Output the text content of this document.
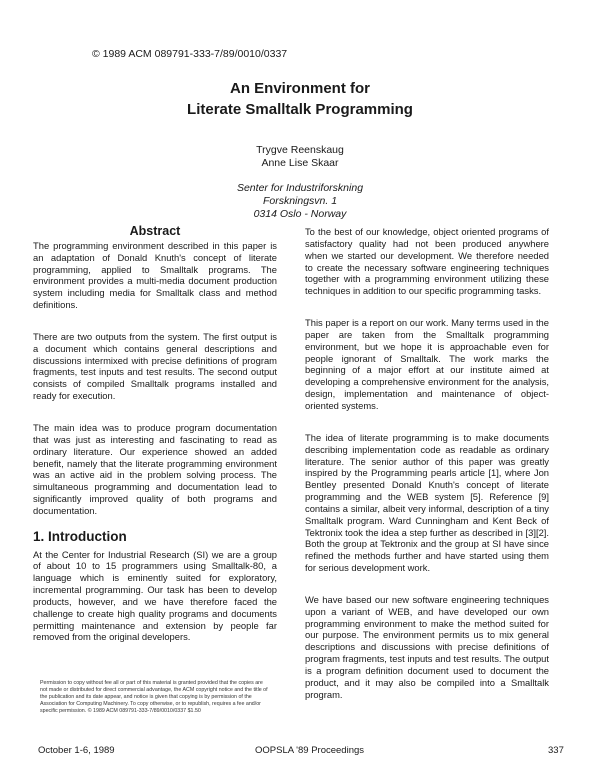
© 1989 ACM 089791-333-7/89/0010/0337
An Environment for
Literate Smalltalk Programming
Trygve Reenskaug
Anne Lise Skaar
Senter for Industriforskning
Forskningsvn. 1
0314 Oslo - Norway
Abstract

The programming environment described in this paper is an adaptation of Donald Knuth's concept of literate programming, applied to Smalltalk programs. The environment provides a multi-media document production system including media for Smalltalk class and method definitions.

There are two outputs from the system. The first output is a document which contains general descriptions and discussions intermixed with precise definitions of program fragments, test inputs and test results. The second output consists of compiled Smalltalk programs installed and ready for execution.

The main idea was to produce program documentation that was just as interesting and fascinating to read as ordinary literature. Our experience showed an added benefit, namely that the literate programming environment was an active aid in the problem solving process. The simultaneous programming and documentation lead to significantly improved quality of both programs and documentation.

1. Introduction

At the Center for Industrial Research (SI) we are a group of about 10 to 15 programmers using Smalltalk-80, a language which is eminently suited for exploratory, incremental programming. Our task has been to develop products, however, and we have therefore faced the challenge to create high quality programs and documents permitting maintenance and extension by people far removed from the original developers.

Permission to copy without fee all or part of this material is granted provided that the copies are not made or distributed for direct commercial advantage, the ACM copyright notice and the title of the publication and its date appear, and notice is given that copying is by permission of the Association for Computing Machinery. To copy otherwise, or to republish, requires a fee and/or specific permission. © 1989 ACM 089791-333-7/89/0010/0337 $1.50

To the best of our knowledge, object oriented programs of satisfactory quality had not been produced anywhere when we started our development. We therefore needed to create the necessary software engineering techniques together with a programming environment utilizing these techniques in addition to our specific programming tasks.

This paper is a report on our work. Many terms used in the paper are taken from the Smalltalk programming environment, but we hope it is approachable even for people ignorant of Smalltalk. The work marks the beginning of a major effort at our institute aimed at developing a comprehensive environment for the analysis, design, implementation and maintenance of object-oriented systems.

The idea of literate programming is to make documents describing implementation code as readable as ordinary literature. The senior author of this paper was greatly inspired by the Programming pearls article [1], where Jon Bentley presented Donald Knuth's concept of literate programming and the WEB system [5]. Reference [9] contains a similar, albeit very informal, description of a tiny Smalltalk program. Ward Cunningham and Kent Beck of Tektronix took the idea a step further as described in [3][2]. Both the group at Tektronix and the group at SI have since refined the methods further and have started using them for serious development work.

We have based our new software engineering techniques upon a variant of WEB, and have developed our own programming environment to make the method suited for our purpose. The environment permits us to mix general descriptions and discussions with precise definitions of program fragments, test inputs and test results. The output is a program definition document used to document the product, and it may also be compiled into a Smalltalk program.

October 1-6, 1989	OOPSLA '89 Proceedings	337
